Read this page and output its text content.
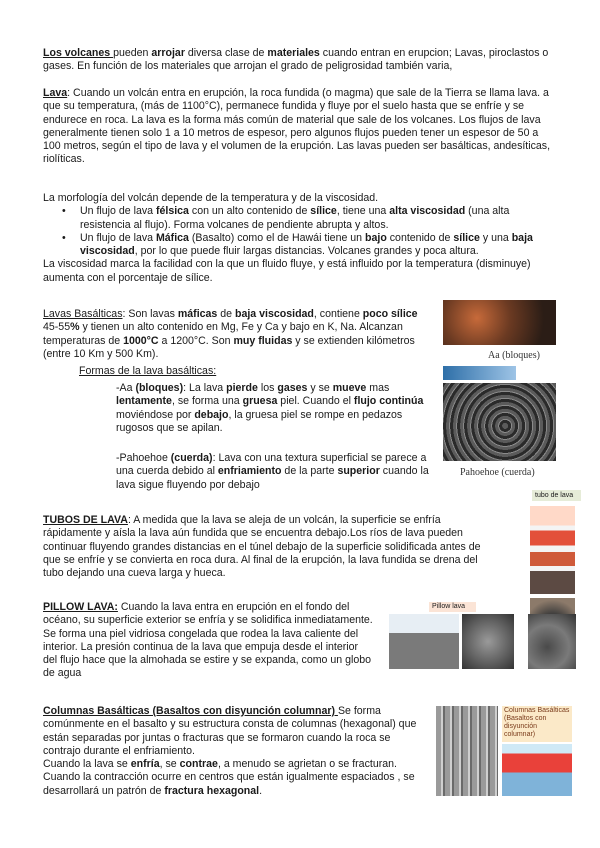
Los volcanes pueden arrojar diversa clase de materiales cuando entran en erupcion; Lavas, piroclastos o gases. En función de los materiales que arrojan el grado de peligrosidad también varia,

Lava: Cuando un volcán entra en erupción, la roca fundida (o magma) que sale de la Tierra se llama lava. a que su temperatura, (más de 1100°C), permanece fundida y fluye por el suelo hasta que se enfríe y se endurece en roca. La lava es la forma más común de material que sale de los volcanes. Los flujos de lava generalmente tienen solo 1 a 10 metros de espesor, pero algunos flujos pueden tener un espesor de 50 a 100 metros, según el tipo de lava y el volumen de la erupción. Las lavas pueden ser basálticas, andesíticas, riolíticas.

La morfología del volcán depende de la temperatura y de la viscosidad.
• Un flujo de lava félsica con un alto contenido de sílice, tiene una alta viscosidad (una alta resistencia al flujo). Forma volcanes de pendiente abrupta y altos.
• Un flujo de lava Máfica (Basalto) como el de Hawái tiene un bajo contenido de sílice y una baja viscosidad, por lo que puede fluir largas distancias. Volcanes grandes y poca altura.
La viscosidad marca la facilidad con la que un fluido fluye, y está influido por la temperatura (disminuye) aumenta con el porcentaje de sílice.

Lavas Basálticas: Son lavas máficas de baja viscosidad, contiene poco sílice 45-55% y tienen un alto contenido en Mg, Fe y Ca y bajo en K, Na. Alcanzan temperaturas de 1000°C a 1200°C. Son muy fluidas y se extienden kilómetros (entre 10 Km y 500 Km).

Formas de la lava basálticas:

-Aa (bloques): La lava pierde los gases y se mueve mas lentamente, se forma una gruesa piel. Cuando el flujo continúa moviéndose por debajo, la gruesa piel se rompe en pedazos rugosos que se apilan.

-Pahoehoe (cuerda): Lava con una textura superficial se parece a una cuerda debido al enfriamiento de la parte superior cuando la lava sigue fluyendo por debajo

Aa (bloques)
Pahoehoe (cuerda)

TUBOS DE LAVA: A medida que la lava se aleja de un volcán, la superficie se enfría rápidamente y aísla la lava aún fundida que se encuentra debajo.Los ríos de lava pueden continuar fluyendo grandes distancias en el túnel debajo de la superficie solidificada antes de que se enfríe y se convierta en roca dura. Al final de la erupción, la lava fundida se drena del tubo dejando una cueva larga y hueca.

tubo de lava

PILLOW LAVA: Cuando la lava entra en erupción en el fondo del océano, su superficie exterior se enfría y se solidifica inmediatamente. Se forma una piel vidriosa congelada que rodea la lava caliente del interior. La presión continua de la lava que empuja desde el interior del flujo hace que la almohada se estire y se expanda, como un globo de agua

Pillow lava
Columnas Basálticas (Basaltos con disyunción columnar) Se forma comúnmente en el basalto y su estructura consta de columnas (hexagonal) que están separadas por juntas o fracturas que se formaron cuando la roca se contrajo durante el enfriamiento.
Cuando la lava se enfría, se contrae, a menudo se agrietan o se fracturan. Cuando la contracción ocurre en centros que están igualmente espaciados , se desarrollará un patrón de fractura hexagonal.
Columnas Basálticas (Basaltos con disyunción columnar)
